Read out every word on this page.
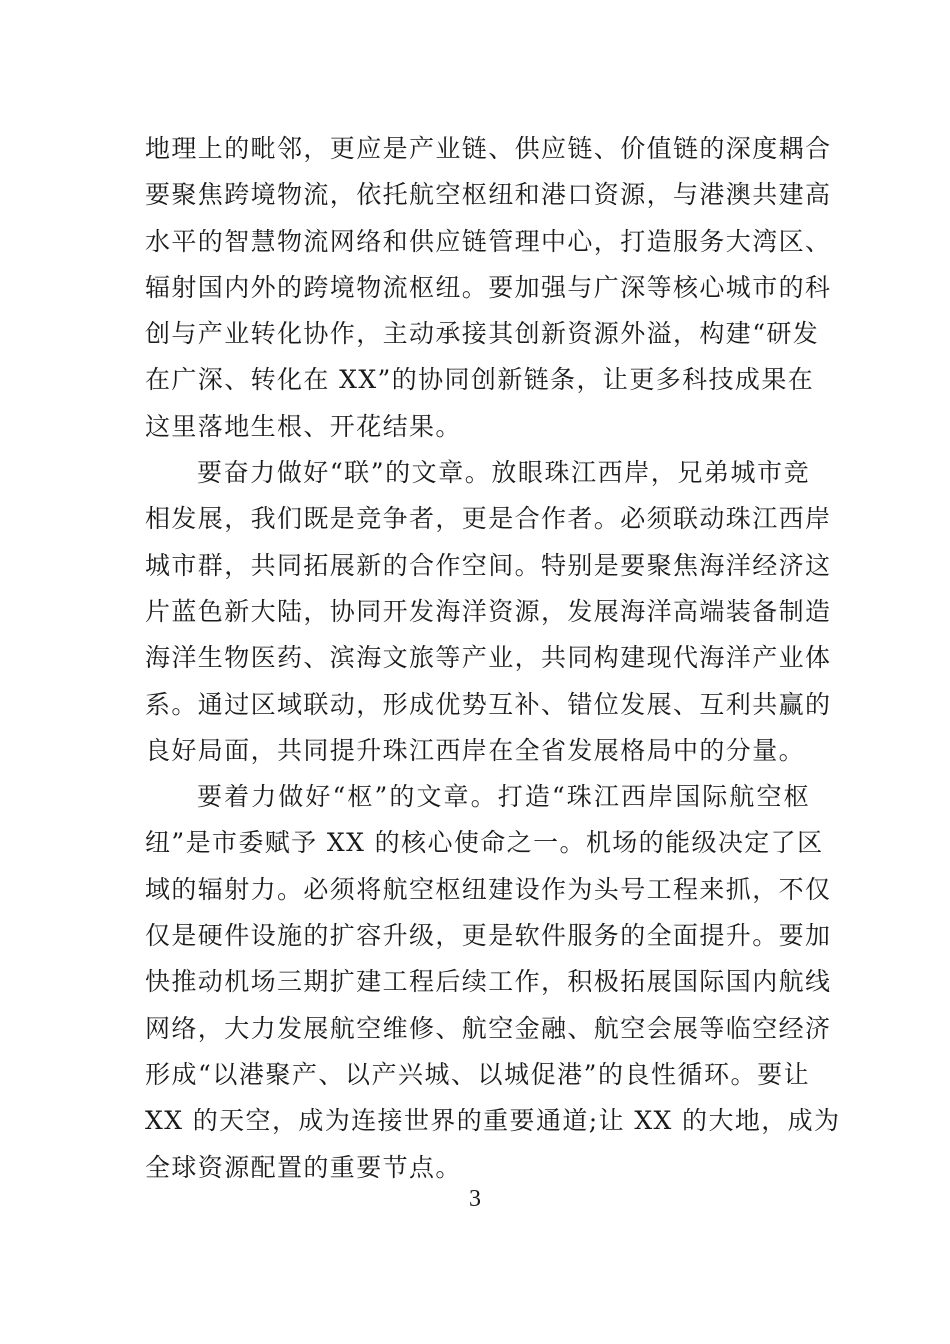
地理上的毗邻，更应是产业链、供应链、价值链的深度耦合
要聚焦跨境物流，依托航空枢纽和港口资源，与港澳共建高
水平的智慧物流网络和供应链管理中心，打造服务大湾区、
辐射国内外的跨境物流枢纽。要加强与广深等核心城市的科
创与产业转化协作，主动承接其创新资源外溢，构建“研发
在广深、转化在 XX”的协同创新链条，让更多科技成果在
这里落地生根、开花结果。
要奋力做好“联”的文章。放眼珠江西岸，兄弟城市竞
相发展，我们既是竞争者，更是合作者。必须联动珠江西岸
城市群，共同拓展新的合作空间。特别是要聚焦海洋经济这
片蓝色新大陆，协同开发海洋资源，发展海洋高端装备制造
海洋生物医药、滨海文旅等产业，共同构建现代海洋产业体
系。通过区域联动，形成优势互补、错位发展、互利共赢的
良好局面，共同提升珠江西岸在全省发展格局中的分量。
要着力做好“枢”的文章。打造“珠江西岸国际航空枢
纽”是市委赋予 XX 的核心使命之一。机场的能级决定了区
域的辐射力。必须将航空枢纽建设作为头号工程来抓，不仅
仅是硬件设施的扩容升级，更是软件服务的全面提升。要加
快推动机场三期扩建工程后续工作，积极拓展国际国内航线
网络，大力发展航空维修、航空金融、航空会展等临空经济
形成“以港聚产、以产兴城、以城促港”的良性循环。要让
XX 的天空，成为连接世界的重要通道;让 XX 的大地，成为
全球资源配置的重要节点。
3
